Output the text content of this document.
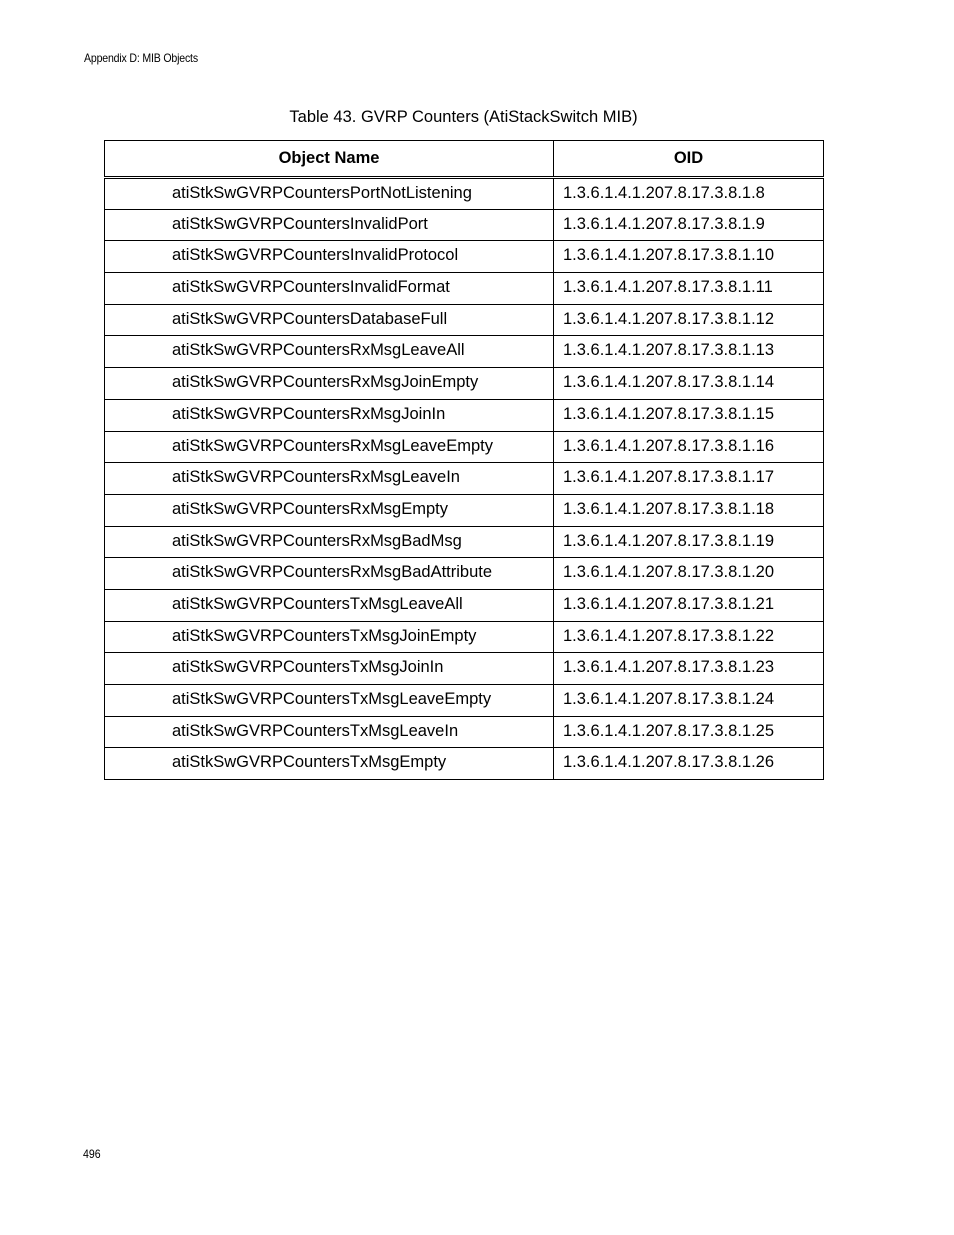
Appendix D: MIB Objects
Table 43. GVRP Counters (AtiStackSwitch MIB)
Object Name	OID
atiStkSwGVRPCountersPortNotListening	1.3.6.1.4.1.207.8.17.3.8.1.8
atiStkSwGVRPCountersInvalidPort	1.3.6.1.4.1.207.8.17.3.8.1.9
atiStkSwGVRPCountersInvalidProtocol	1.3.6.1.4.1.207.8.17.3.8.1.10
atiStkSwGVRPCountersInvalidFormat	1.3.6.1.4.1.207.8.17.3.8.1.11
atiStkSwGVRPCountersDatabaseFull	1.3.6.1.4.1.207.8.17.3.8.1.12
atiStkSwGVRPCountersRxMsgLeaveAll	1.3.6.1.4.1.207.8.17.3.8.1.13
atiStkSwGVRPCountersRxMsgJoinEmpty	1.3.6.1.4.1.207.8.17.3.8.1.14
atiStkSwGVRPCountersRxMsgJoinIn	1.3.6.1.4.1.207.8.17.3.8.1.15
atiStkSwGVRPCountersRxMsgLeaveEmpty	1.3.6.1.4.1.207.8.17.3.8.1.16
atiStkSwGVRPCountersRxMsgLeaveIn	1.3.6.1.4.1.207.8.17.3.8.1.17
atiStkSwGVRPCountersRxMsgEmpty	1.3.6.1.4.1.207.8.17.3.8.1.18
atiStkSwGVRPCountersRxMsgBadMsg	1.3.6.1.4.1.207.8.17.3.8.1.19
atiStkSwGVRPCountersRxMsgBadAttribute	1.3.6.1.4.1.207.8.17.3.8.1.20
atiStkSwGVRPCountersTxMsgLeaveAll	1.3.6.1.4.1.207.8.17.3.8.1.21
atiStkSwGVRPCountersTxMsgJoinEmpty	1.3.6.1.4.1.207.8.17.3.8.1.22
atiStkSwGVRPCountersTxMsgJoinIn	1.3.6.1.4.1.207.8.17.3.8.1.23
atiStkSwGVRPCountersTxMsgLeaveEmpty	1.3.6.1.4.1.207.8.17.3.8.1.24
atiStkSwGVRPCountersTxMsgLeaveIn	1.3.6.1.4.1.207.8.17.3.8.1.25
atiStkSwGVRPCountersTxMsgEmpty	1.3.6.1.4.1.207.8.17.3.8.1.26
496
